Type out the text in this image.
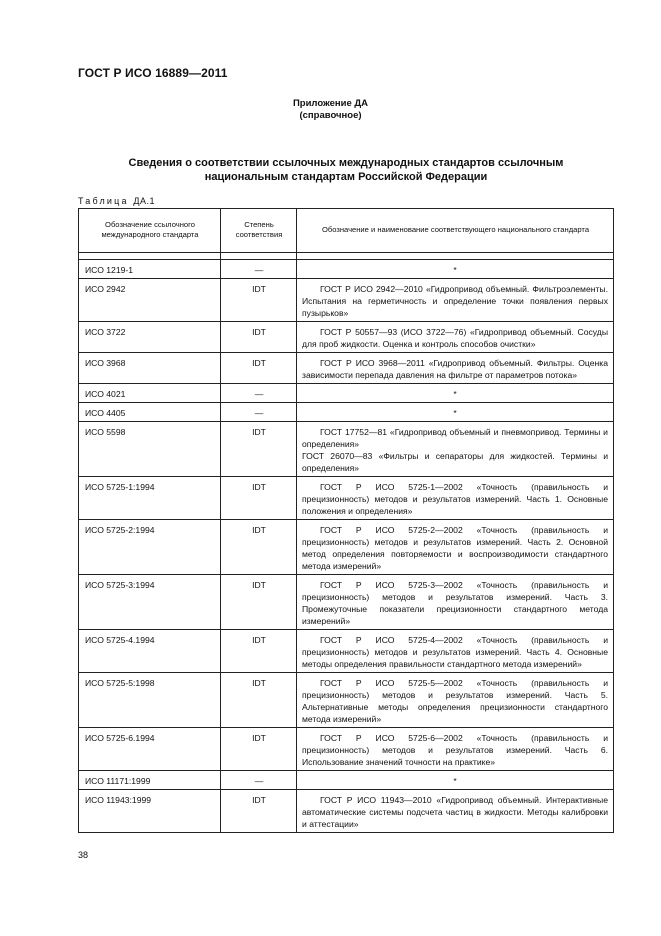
ГОСТ Р ИСО 16889—2011
Приложение ДА
(справочное)
Сведения о соответствии ссылочных международных стандартов ссылочным
национальным стандартам Российской Федерации
Таблица ДА.1
Обозначение ссылочного международного стандарта	Степень соответствия	Обозначение и наименование соответствующего национального стандарта

ИСО 1219-1	—	*

ИСО 2942	IDT	ГОСТ Р ИСО 2942—2010 «Гидропривод объемный. Фильтроэлементы. Испытания на герметичность и определение точки появления первых пузырьков»

ИСО 3722	IDT	ГОСТ Р 50557—93 (ИСО 3722—76) «Гидропривод объемный. Сосуды для проб жидкости. Оценка и контроль способов очистки»

ИСО 3968	IDT	ГОСТ Р ИСО 3968—2011 «Гидропривод объемный. Фильтры. Оценка зависимости перепада давления на фильтре от параметров потока»

ИСО 4021	—	*

ИСО 4405	—	*

ИСО 5598	IDT	ГОСТ 17752—81 «Гидропривод объемный и пневмопривод. Термины и определения»
ГОСТ 26070—83 «Фильтры и сепараторы для жидкостей. Термины и определения»

ИСО 5725-1:1994	IDT	ГОСТ Р ИСО 5725-1—2002 «Точность (правильность и прецизионность) методов и результатов измерений. Часть 1. Основные положения и определения»

ИСО 5725-2:1994	IDT	ГОСТ Р ИСО 5725-2—2002 «Точность (правильность и прецизионность) методов и результатов измерений. Часть 2. Основной метод определения повторяемости и воспроизводимости стандартного метода измерений»

ИСО 5725-3:1994	IDT	ГОСТ Р ИСО 5725-3—2002 «Точность (правильность и прецизионность) методов и результатов измерений. Часть 3. Промежуточные показатели прецизионности стандартного метода измерений»

ИСО 5725-4.1994	IDT	ГОСТ Р ИСО 5725-4—2002 «Точность (правильность и прецизионность) методов и результатов измерений. Часть 4. Основные методы определения правильности стандартного метода измерений»

ИСО 5725-5:1998	IDT	ГОСТ Р ИСО 5725-5—2002 «Точность (правильность и прецизионность) методов и результатов измерений. Часть 5. Альтернативные методы определения прецизионности стандартного метода измерений»

ИСО 5725-6.1994	IDT	ГОСТ Р ИСО 5725-6—2002 «Точность (правильность и прецизионность) методов и результатов измерений. Часть 6. Использование значений точности на практике»

ИСО 11171:1999	—	*

ИСО 11943:1999	IDT	ГОСТ Р ИСО 11943—2010 «Гидропривод объемный. Интерактивные автоматические системы подсчета частиц в жидкости. Методы калибровки и аттестации»
38
